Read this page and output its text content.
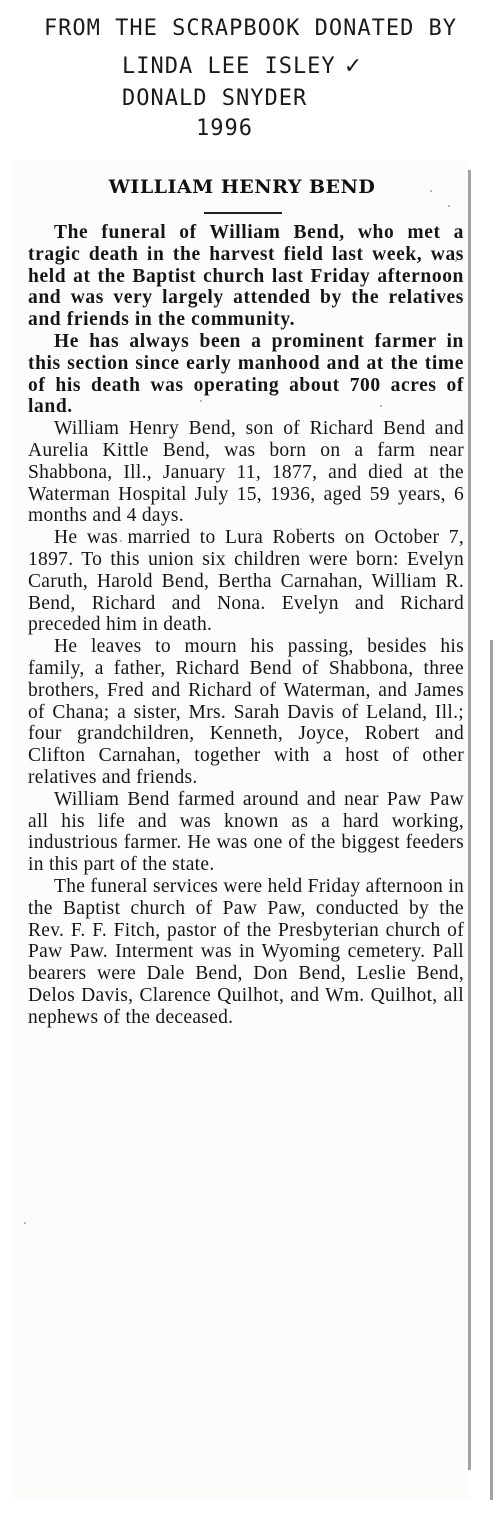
FROM THE SCRAPBOOK DONATED BY
LINDA LEE ISLEY ✓
DONALD SNYDER
1996
WILLIAM HENRY BEND

The funeral of William Bend, who met a tragic death in the harvest field last week, was held at the Baptist church last Friday afternoon and was very largely attended by the relatives and friends in the community.

He has always been a prominent farmer in this section since early manhood and at the time of his death was operating about 700 acres of land.

William Henry Bend, son of Richard Bend and Aurelia Kittle Bend, was born on a farm near Shabbona, Ill., January 11, 1877, and died at the Waterman Hospital July 15, 1936, aged 59 years, 6 months and 4 days.

He was married to Lura Roberts on October 7, 1897. To this union six children were born: Evelyn Caruth, Harold Bend, Bertha Carnahan, William R. Bend, Richard and Nona. Evelyn and Richard preceded him in death.

He leaves to mourn his passing, besides his family, a father, Richard Bend of Shabbona, three brothers, Fred and Richard of Waterman, and James of Chana; a sister, Mrs. Sarah Davis of Leland, Ill.; four grandchildren, Kenneth, Joyce, Robert and Clifton Carnahan, together with a host of other relatives and friends.

William Bend farmed around and near Paw Paw all his life and was known as a hard working, industrious farmer. He was one of the biggest feeders in this part of the state.

The funeral services were held Friday afternoon in the Baptist church of Paw Paw, conducted by the Rev. F. F. Fitch, pastor of the Presbyterian church of Paw Paw. Interment was in Wyoming cemetery. Pall bearers were Dale Bend, Don Bend, Leslie Bend, Delos Davis, Clarence Quilhot, and Wm. Quilhot, all nephews of the deceased.
